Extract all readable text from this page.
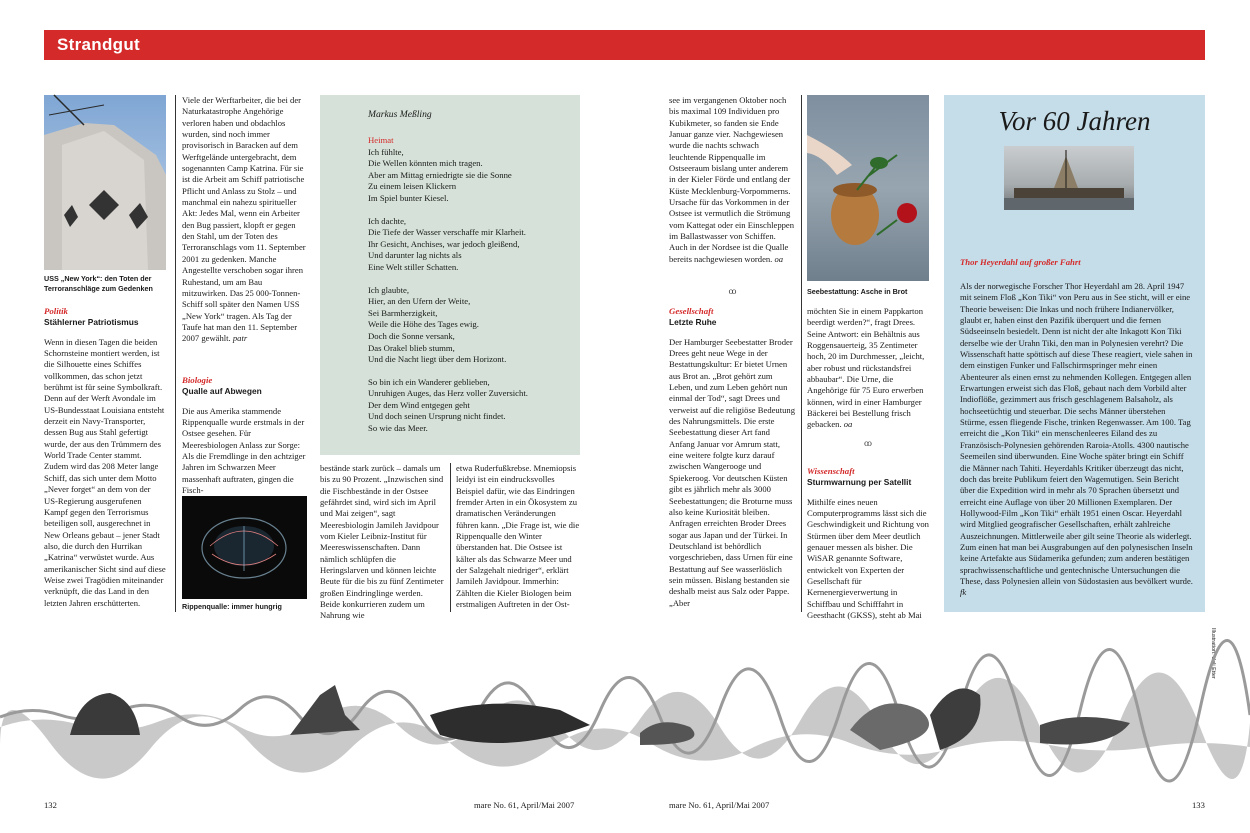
Strandgut
USS „New York“: den Toten der Terroranschläge zum Gedenken
Politik
Stählerner Patriotismus

Wenn in diesen Tagen die beiden Schornsteine montiert werden, ist die Silhouette eines Schiffes vollkommen, das schon jetzt berühmt ist für seine Symbolkraft. Denn auf der Werft Avondale im US-Bundesstaat Louisiana entsteht derzeit ein Navy-Transporter, dessen Bug aus Stahl gefertigt wurde, der aus den Trümmern des World Trade Center stammt. Zudem wird das 208 Meter lange Schiff, das sich unter dem Motto „Never forget“ an dem von der US-Regierung ausgerufenen Kampf gegen den Terrorismus beteiligen soll, ausgerechnet in New Orleans gebaut – jener Stadt also, die durch den Hurrikan „Katrina“ verwüstet wurde. Aus amerikanischer Sicht sind auf diese Weise zwei Tragödien miteinander verknüpft, die das Land in den letzten Jahren erschütterten.

Viele der Werftarbeiter, die bei der Naturkatastrophe Angehörige verloren haben und obdachlos wurden, sind noch immer provisorisch in Baracken auf dem Werftgelände untergebracht, dem sogenannten Camp Katrina. Für sie ist die Arbeit am Schiff patriotische Pflicht und Anlass zu Stolz – und manchmal ein nahezu spiritueller Akt: Jedes Mal, wenn ein Arbeiter den Bug passiert, klopft er gegen den Stahl, um der Toten des Terroranschlags vom 11. September 2001 zu gedenken. Manche Angestellte verschoben sogar ihren Ruhestand, um am Bau mitzuwirken. Das 25 000-Tonnen-Schiff soll später den Namen USS „New York“ tragen. Als Tag der Taufe hat man den 11. September 2007 gewählt. patr

Biologie
Qualle auf Abwegen

Die aus Amerika stammende Rippenqualle wurde erstmals in der Ostsee gesehen. Für Meeresbiologen Anlass zur Sorge: Als die Fremdlinge in den achtziger Jahren im Schwarzen Meer massenhaft auftraten, gingen die Fisch-

Rippenqualle: immer hungrig
Markus Meßling
Heimat
Ich fühlte,
Die Wellen könnten mich tragen.
Aber am Mittag erniedrigte sie die Sonne
Zu einem leisen Klickern
Im Spiel bunter Kiesel.
Ich dachte,
Die Tiefe der Wasser verschaffe mir Klarheit.
Ihr Gesicht, Anchises, war jedoch gleißend,
Und darunter lag nichts als
Eine Welt stiller Schatten.
Ich glaubte,
Hier, an den Ufern der Weite,
Sei Barmherzigkeit,
Weile die Höhe des Tages ewig.
Doch die Sonne versank,
Das Orakel blieb stumm,
Und die Nacht liegt über dem Horizont.
So bin ich ein Wanderer geblieben,
Unruhigen Auges, das Herz voller Zuversicht.
Der dem Wind entgegen geht
Und doch seinen Ursprung nicht findet.
So wie das Meer.

bestände stark zurück – damals um bis zu 90 Prozent. „Inzwischen sind die Fischbestände in der Ostsee gefährdet sind, wird sich im April und Mai zeigen“, sagt Meeresbiologin Jamileh Javidpour vom Kieler Leibniz-Institut für Meereswissenschaften. Dann nämlich schlüpfen die Heringslarven und können leichte Beute für die bis zu fünf Zentimeter großen Eindringlinge werden. Beide konkurrieren zudem um Nahrung wie

etwa Ruderfußkrebse. Mnemiopsis leidyi ist ein eindrucksvolles Beispiel dafür, wie das Eindringen fremder Arten in ein Ökosystem zu dramatischen Veränderungen führen kann. „Die Frage ist, wie die Rippenqualle den Winter überstanden hat. Die Ostsee ist kälter als das Schwarze Meer und der Salzgehalt niedriger“, erklärt Jamileh Javidpour. Immerhin: Zählten die Kieler Biologen beim erstmaligen Auftreten in der Ost-

see im vergangenen Oktober noch bis maximal 109 Individuen pro Kubikmeter, so fanden sie Ende Januar ganze vier. Nachgewiesen wurde die nachts schwach leuchtende Rippenqualle im Ostseeraum bislang unter anderem in der Kieler Förde und entlang der Küste Mecklenburg-Vorpommerns. Ursache für das Vorkommen in der Ostsee ist vermutlich die Strömung vom Kattegat oder ein Einschleppen im Ballastwasser von Schiffen. Auch in der Nordsee ist die Qualle bereits nachgewiesen worden. oa

ꝏ
Gesellschaft
Letzte Ruhe

Der Hamburger Seebestatter Broder Drees geht neue Wege in der Bestattungskultur: Er bietet Urnen aus Brot an. „Brot gehört zum Leben, und zum Leben gehört nun einmal der Tod“, sagt Drees und verweist auf die religiöse Bedeutung des Nahrungsmittels. Die erste Seebestattung dieser Art fand Anfang Januar vor Amrum statt, eine weitere folgte kurz darauf zwischen Wangerooge und Spiekeroog. Vor deutschen Küsten gibt es jährlich mehr als 3000 Seebestattungen; die Broturne muss also keine Kuriosität bleiben. Anfragen erreichten Broder Drees sogar aus Japan und der Türkei. In Deutschland ist behördlich vorgeschrieben, dass Urnen für eine Bestattung auf See wasserlöslich sein müssen. Bislang bestanden sie deshalb meist aus Salz oder Pappe. „Aber

Seebestattung: Asche in Brot

möchten Sie in einem Pappkarton beerdigt werden?“, fragt Drees. Seine Antwort: ein Behältnis aus Roggensauerteig, 35 Zentimeter hoch, 20 im Durchmesser, „leicht, aber robust und rückstandsfrei abbaubar“. Die Urne, die Angehörige für 75 Euro erwerben können, wird in einer Hamburger Bäckerei bei Bestellung frisch gebacken. oa

ꝏ
Wissenschaft
Sturmwarnung per Satellit

Mithilfe eines neuen Computerprogramms lässt sich die Geschwindigkeit und Richtung von Stürmen über dem Meer deutlich genauer messen als bisher. Die WiSAR genannte Software, entwickelt von Experten der Gesellschaft für Kernenergieverwertung in Schiffbau und Schifffahrt in Geesthacht (GKSS), steht ab Mai

Vor 60 Jahren
Thor Heyerdahl auf großer Fahrt
Als der norwegische Forscher Thor Heyerdahl am 28. April 1947 mit seinem Floß „Kon Tiki“ von Peru aus in See sticht, will er eine Theorie beweisen: Die Inkas und noch frühere Indianervölker, glaubt er, haben einst den Pazifik überquert und die fernen Südseeinseln besiedelt. Denn ist nicht der alte Inkagott Kon Tiki derselbe wie der Urahn Tiki, den man in Polynesien verehrt? Die Wissenschaft hatte spöttisch auf diese These reagiert, viele sahen in dem einstigen Funker und Fallschirmspringer mehr einen Abenteurer als einen ernst zu nehmenden Kollegen. Entgegen allen Erwartungen erweist sich das Floß, gebaut nach dem Vorbild alter Indioflöße, gezimmert aus frisch geschlagenem Balsaholz, als hochseetüchtig und steuerbar. Die sechs Männer überstehen Stürme, essen fliegende Fische, trinken Regenwasser. Am 100. Tag erreicht die „Kon Tiki“ ein menschenleeres Eiland des zu Französisch-Polynesien gehörenden Raroia-Atolls. 4300 nautische Seemeilen sind überwunden. Eine Woche später bringt ein Schiff die Männer nach Tahiti. Heyerdahls Kritiker überzeugt das nicht, doch das breite Publikum feiert den Wagemutigen. Sein Bericht über die Expedition wird in mehr als 70 Sprachen übersetzt und erreicht eine Auflage von über 20 Millionen Exemplaren. Der Hollywood-Film „Kon Tiki“ erhält 1951 einen Oscar. Heyerdahl wird Mitglied geografischer Gesellschaften, erhält zahlreiche Auszeichnungen. Mittlerweile aber gilt seine Theorie als widerlegt. Zum einen hat man bei Ausgrabungen auf den polynesischen Inseln keine Artefakte aus Südamerika gefunden; zum anderen bestätigen sprachwissenschaftliche und gentechnische Untersuchungen die These, dass Polynesien allein von Südostasien aus bevölkert wurde. fk
Illustration: Ueli Etter
132	mare No. 61, April/Mai 2007	mare No. 61, April/Mai 2007	133
